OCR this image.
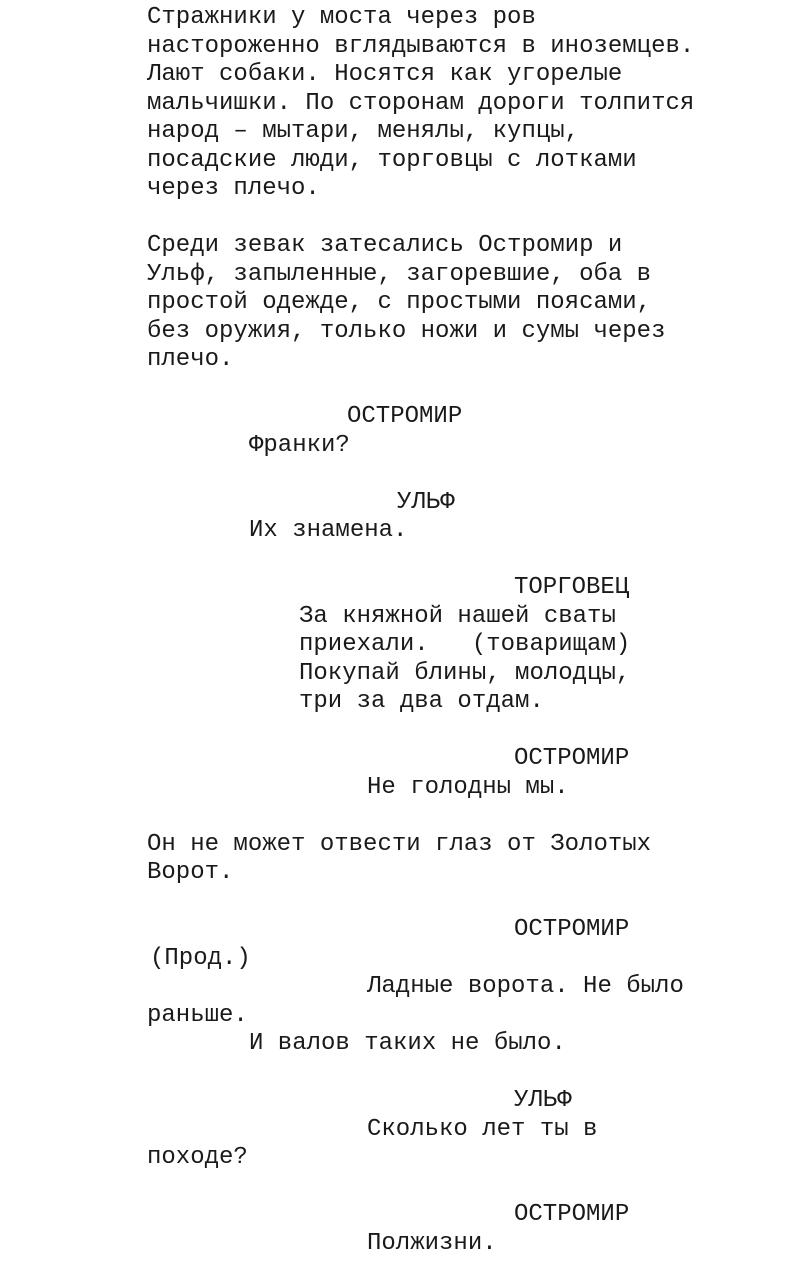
Стражники у моста через ров
настороженно вглядываются в иноземцев.
Лают собаки. Носятся как угорелые
мальчишки. По сторонам дороги толпится
народ – мытари, менялы, купцы,
посадские люди, торговцы с лотками
через плечо.
Среди зевак затесались Остромир и
Ульф, запыленные, загоревшие, оба в
простой одежде, с простыми поясами,
без оружия, только ножи и сумы через
плечо.
ОСТРОМИР
Франки?
УЛЬФ
Их знамена.
ТОРГОВЕЦ
За княжной нашей сваты
приехали.   (товарищам)
Покупай блины, молодцы,
три за два отдам.
ОСТРОМИР
Не голодны мы.
Он не может отвести глаз от Золотых
Ворот.
ОСТРОМИР
(Прод.)
Ладные ворота. Не было
раньше.
И валов таких не было.
УЛЬФ
Сколько лет ты в
походе?
ОСТРОМИР
Полжизни.
